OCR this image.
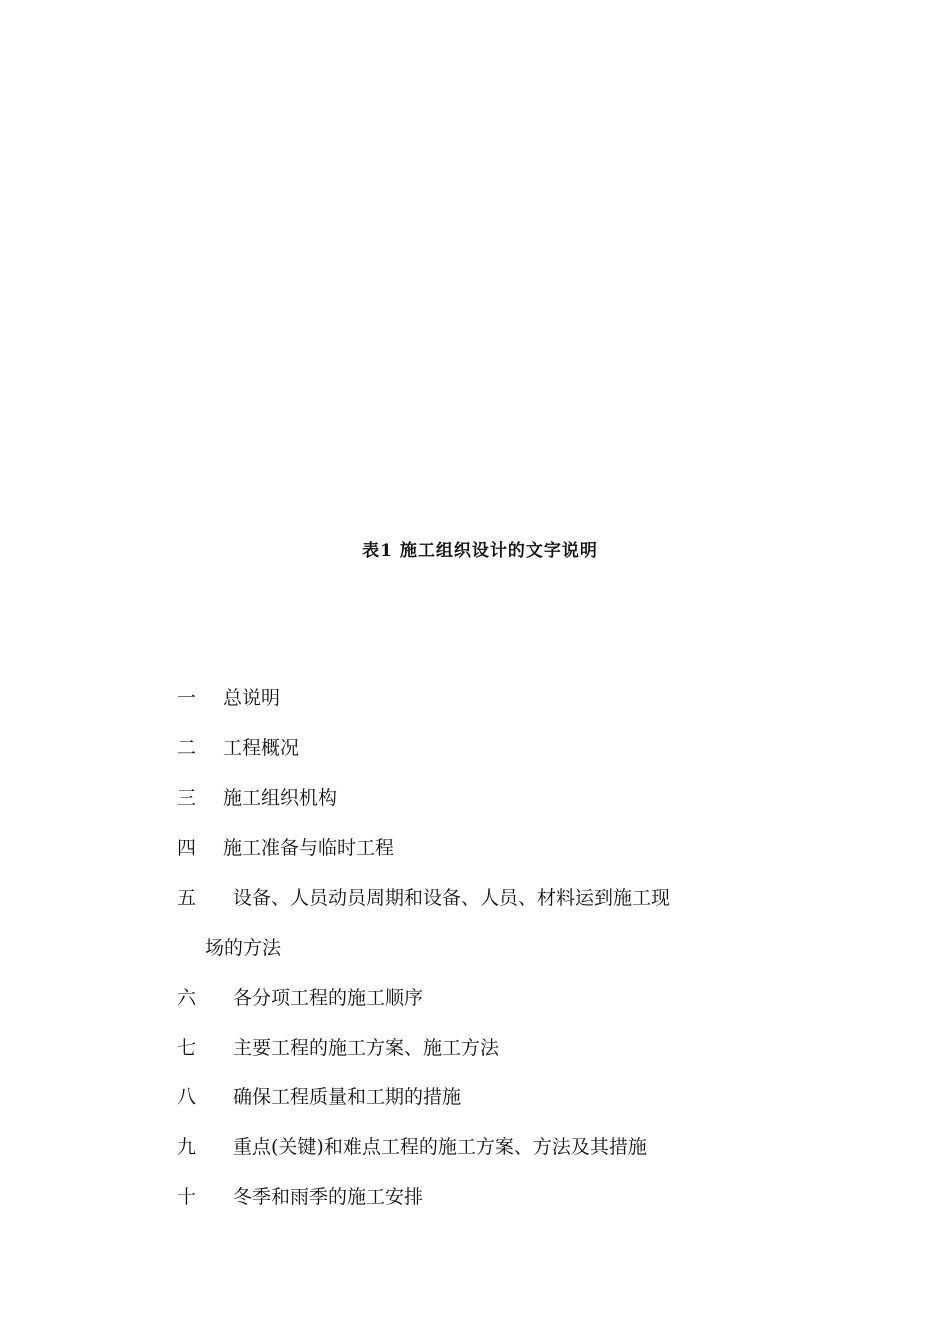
表1 施工组织设计的文字说明
一 总说明
二 工程概况
三 施工组织机构
四 施工准备与临时工程
五 设备、人员动员周期和设备、人员、材料运到施工现
场的方法
六 各分项工程的施工顺序
七 主要工程的施工方案、施工方法
八 确保工程质量和工期的措施
九 重点(关键)和难点工程的施工方案、方法及其措施
十 冬季和雨季的施工安排
